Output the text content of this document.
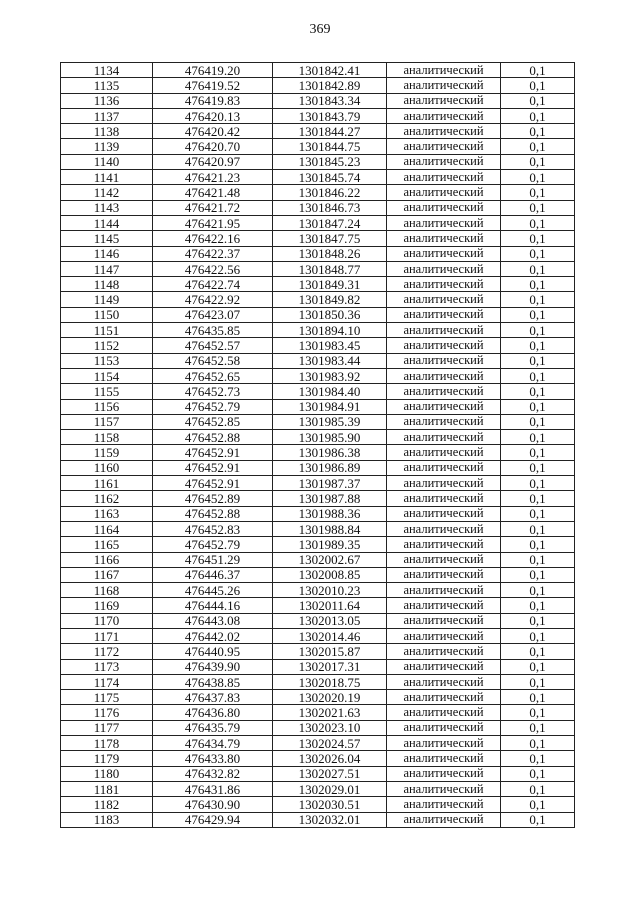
369
1134	476419.20	1301842.41	аналитический	0,1
1135	476419.52	1301842.89	аналитический	0,1
1136	476419.83	1301843.34	аналитический	0,1
1137	476420.13	1301843.79	аналитический	0,1
1138	476420.42	1301844.27	аналитический	0,1
1139	476420.70	1301844.75	аналитический	0,1
1140	476420.97	1301845.23	аналитический	0,1
1141	476421.23	1301845.74	аналитический	0,1
1142	476421.48	1301846.22	аналитический	0,1
1143	476421.72	1301846.73	аналитический	0,1
1144	476421.95	1301847.24	аналитический	0,1
1145	476422.16	1301847.75	аналитический	0,1
1146	476422.37	1301848.26	аналитический	0,1
1147	476422.56	1301848.77	аналитический	0,1
1148	476422.74	1301849.31	аналитический	0,1
1149	476422.92	1301849.82	аналитический	0,1
1150	476423.07	1301850.36	аналитический	0,1
1151	476435.85	1301894.10	аналитический	0,1
1152	476452.57	1301983.45	аналитический	0,1
1153	476452.58	1301983.44	аналитический	0,1
1154	476452.65	1301983.92	аналитический	0,1
1155	476452.73	1301984.40	аналитический	0,1
1156	476452.79	1301984.91	аналитический	0,1
1157	476452.85	1301985.39	аналитический	0,1
1158	476452.88	1301985.90	аналитический	0,1
1159	476452.91	1301986.38	аналитический	0,1
1160	476452.91	1301986.89	аналитический	0,1
1161	476452.91	1301987.37	аналитический	0,1
1162	476452.89	1301987.88	аналитический	0,1
1163	476452.88	1301988.36	аналитический	0,1
1164	476452.83	1301988.84	аналитический	0,1
1165	476452.79	1301989.35	аналитический	0,1
1166	476451.29	1302002.67	аналитический	0,1
1167	476446.37	1302008.85	аналитический	0,1
1168	476445.26	1302010.23	аналитический	0,1
1169	476444.16	1302011.64	аналитический	0,1
1170	476443.08	1302013.05	аналитический	0,1
1171	476442.02	1302014.46	аналитический	0,1
1172	476440.95	1302015.87	аналитический	0,1
1173	476439.90	1302017.31	аналитический	0,1
1174	476438.85	1302018.75	аналитический	0,1
1175	476437.83	1302020.19	аналитический	0,1
1176	476436.80	1302021.63	аналитический	0,1
1177	476435.79	1302023.10	аналитический	0,1
1178	476434.79	1302024.57	аналитический	0,1
1179	476433.80	1302026.04	аналитический	0,1
1180	476432.82	1302027.51	аналитический	0,1
1181	476431.86	1302029.01	аналитический	0,1
1182	476430.90	1302030.51	аналитический	0,1
1183	476429.94	1302032.01	аналитический	0,1
